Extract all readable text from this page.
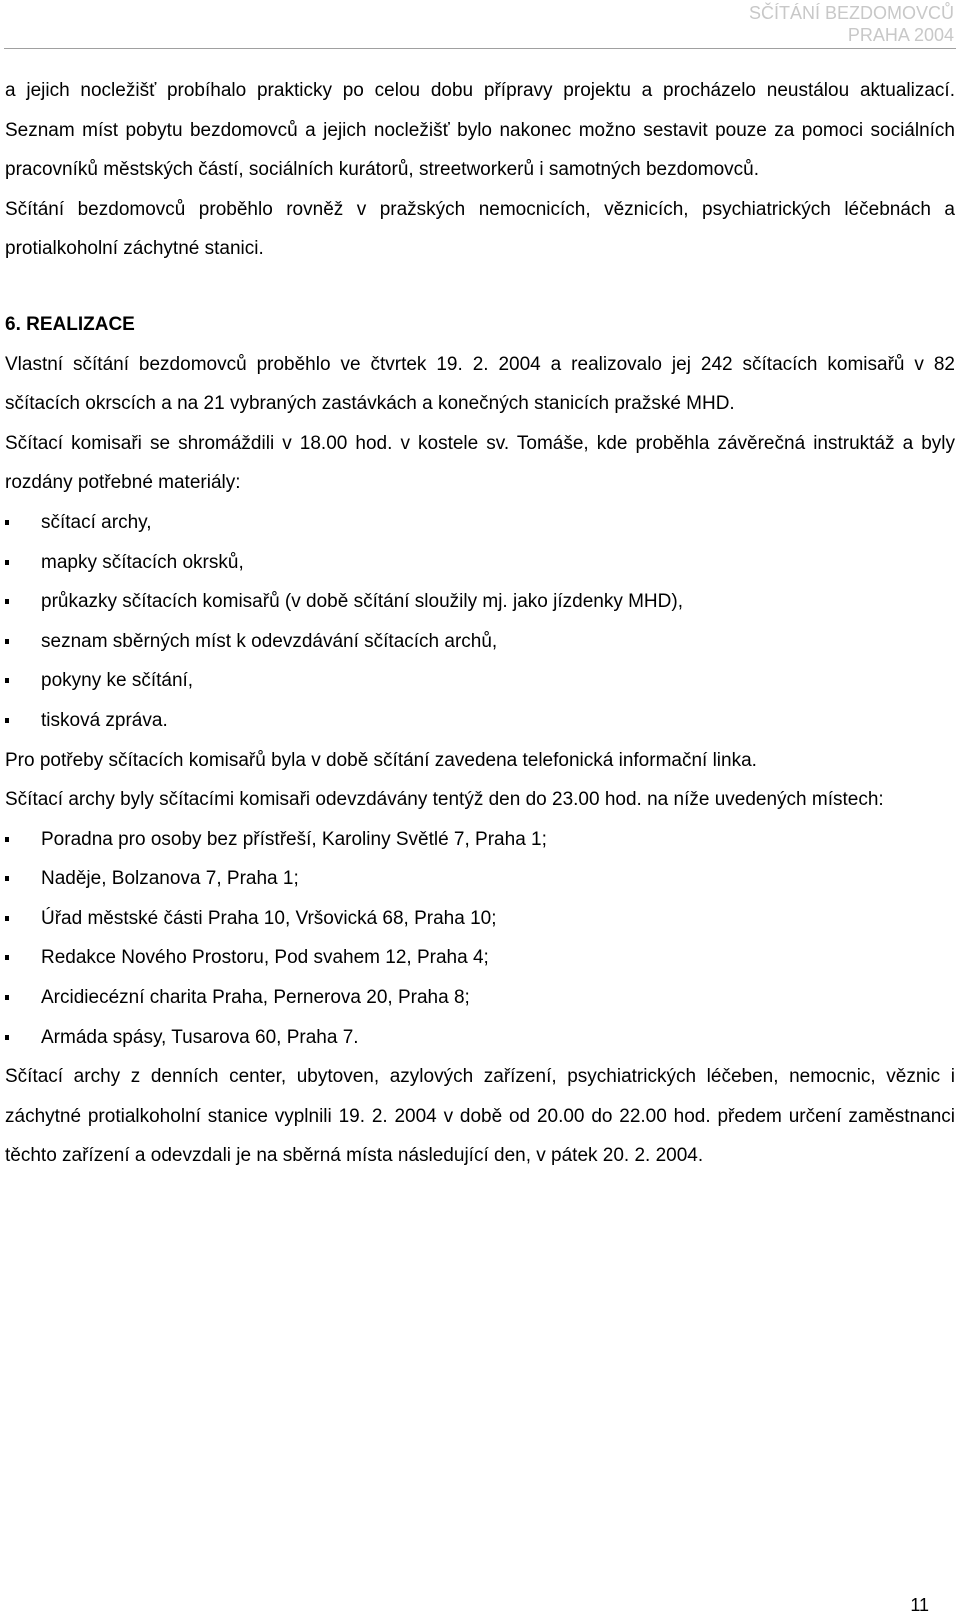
SČÍTÁNÍ BEZDOMOVCŮ
PRAHA 2004

a jejich nocležišť probíhalo prakticky po celou dobu přípravy projektu a procházelo neustálou aktualizací. Seznam míst pobytu bezdomovců a jejich nocležišť bylo nakonec možno sestavit pouze za pomoci sociálních pracovníků městských částí, sociálních kurátorů, streetworkerů i samotných bezdomovců.

Sčítání bezdomovců proběhlo rovněž v pražských nemocnicích, věznicích, psychiatrických léčebnách a protialkoholní záchytné stanici.

6. REALIZACE

Vlastní sčítání bezdomovců proběhlo ve čtvrtek 19. 2. 2004 a realizovalo jej 242 sčítacích komisařů v 82 sčítacích okrscích a na 21 vybraných zastávkách a konečných stanicích pražské MHD.

Sčítací komisaři se shromáždili v 18.00 hod. v kostele sv. Tomáše, kde proběhla závěrečná instruktáž a byly rozdány potřebné materiály:

sčítací archy,
mapky sčítacích okrsků,
průkazky sčítacích komisařů (v době sčítání sloužily mj. jako jízdenky MHD),
seznam sběrných míst k odevzdávání sčítacích archů,
pokyny ke sčítání,
tisková zpráva.

Pro potřeby sčítacích komisařů byla v době sčítání zavedena telefonická informační linka.

Sčítací archy byly sčítacími komisaři odevzdávány tentýž den do 23.00 hod. na níže uvedených místech:

Poradna pro osoby bez přístřeší, Karoliny Světlé 7, Praha 1;
Naděje, Bolzanova 7, Praha 1;
Úřad městské části Praha 10, Vršovická 68, Praha 10;
Redakce Nového Prostoru, Pod svahem 12, Praha 4;
Arcidiecézní charita Praha, Pernerova 20, Praha 8;
Armáda spásy, Tusarova 60, Praha 7.

Sčítací archy z denních center, ubytoven, azylových zařízení, psychiatrických léčeben, nemocnic, věznic i záchytné protialkoholní stanice vyplnili 19. 2. 2004 v době od 20.00 do 22.00 hod. předem určení zaměstnanci těchto zařízení a odevzdali je na sběrná místa následující den, v pátek 20. 2. 2004.

11
